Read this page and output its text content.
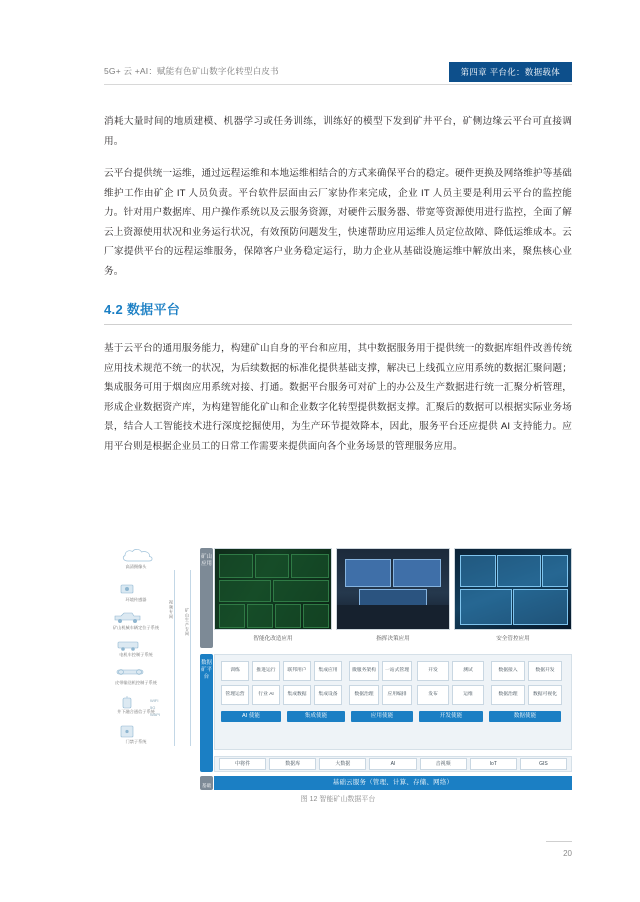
5G+ 云 +AI：赋能有色矿山数字化转型白皮书	第四章 平台化：数据载体

消耗大量时间的地质建模、机器学习或任务训练，训练好的模型下发到矿井平台，矿侧边缘云平台可直接调用。

云平台提供统一运维，通过远程运维和本地运维相结合的方式来确保平台的稳定。硬件更换及网络维护等基础维护工作由矿企 IT 人员负责。平台软件层面由云厂家协作来完成，企业 IT 人员主要是利用云平台的监控能力。针对用户数据库、用户操作系统以及云服务资源，对硬件云服务器、带宽等资源使用进行监控，全面了解云上资源使用状况和业务运行状况，有效预防问题发生，快速帮助应用运维人员定位故障、降低运维成本。云厂家提供平台的远程运维服务，保障客户业务稳定运行，助力企业从基础设施运维中解放出来，聚焦核心业务。

4.2 数据平台

基于云平台的通用服务能力，构建矿山自身的平台和应用，其中数据服务用于提供统一的数据库组件改善传统应用技术规范不统一的状况，为后续数据的标准化提供基础支撑，解决已上线孤立应用系统的数据汇聚问题；集成服务可用于烟囱应用系统对接、打通。数据平台服务可对矿上的办公及生产数据进行统一汇聚分析管理，形成企业数据资产库，为构建智能化矿山和企业数字化转型提供数据支撑。汇聚后的数据可以根据实际业务场景，结合人工智能技术进行深度挖掘使用，为生产环节提效降本，因此，服务平台还应提供 AI 支持能力。应用平台则是根据企业员工的日常工作需要来提供面向各个业务场景的管理服务应用。

高清摄像头
环境传感器
矿山机械车辆定位子系统
电机车控制子系统
皮带输送机控制子系统
井下融合通信子系统
门禁子系统
视频专网	矿山生产专网
WIFI
5G
WAPI
矿山应用
数据矿平台
基础设施
智能化改造应用	指挥决策应用	安全管控应用
训练	推进运行	联邦用户	集成应用	微服务架构	一站式管理	开发	测试	数据接入	数据开发
管理运营	行业 AI	集成数据	集成设备	数据治理	应用编排	发布	运维	数据治理	数据可视化
AI 使能	集成使能	应用使能	开发使能	数据使能
中将件	数据库	大数据	AI	音视频	IoT	GIS
基础云服务（管理、计算、存储、网络）
图 12 智能矿山数据平台
20
